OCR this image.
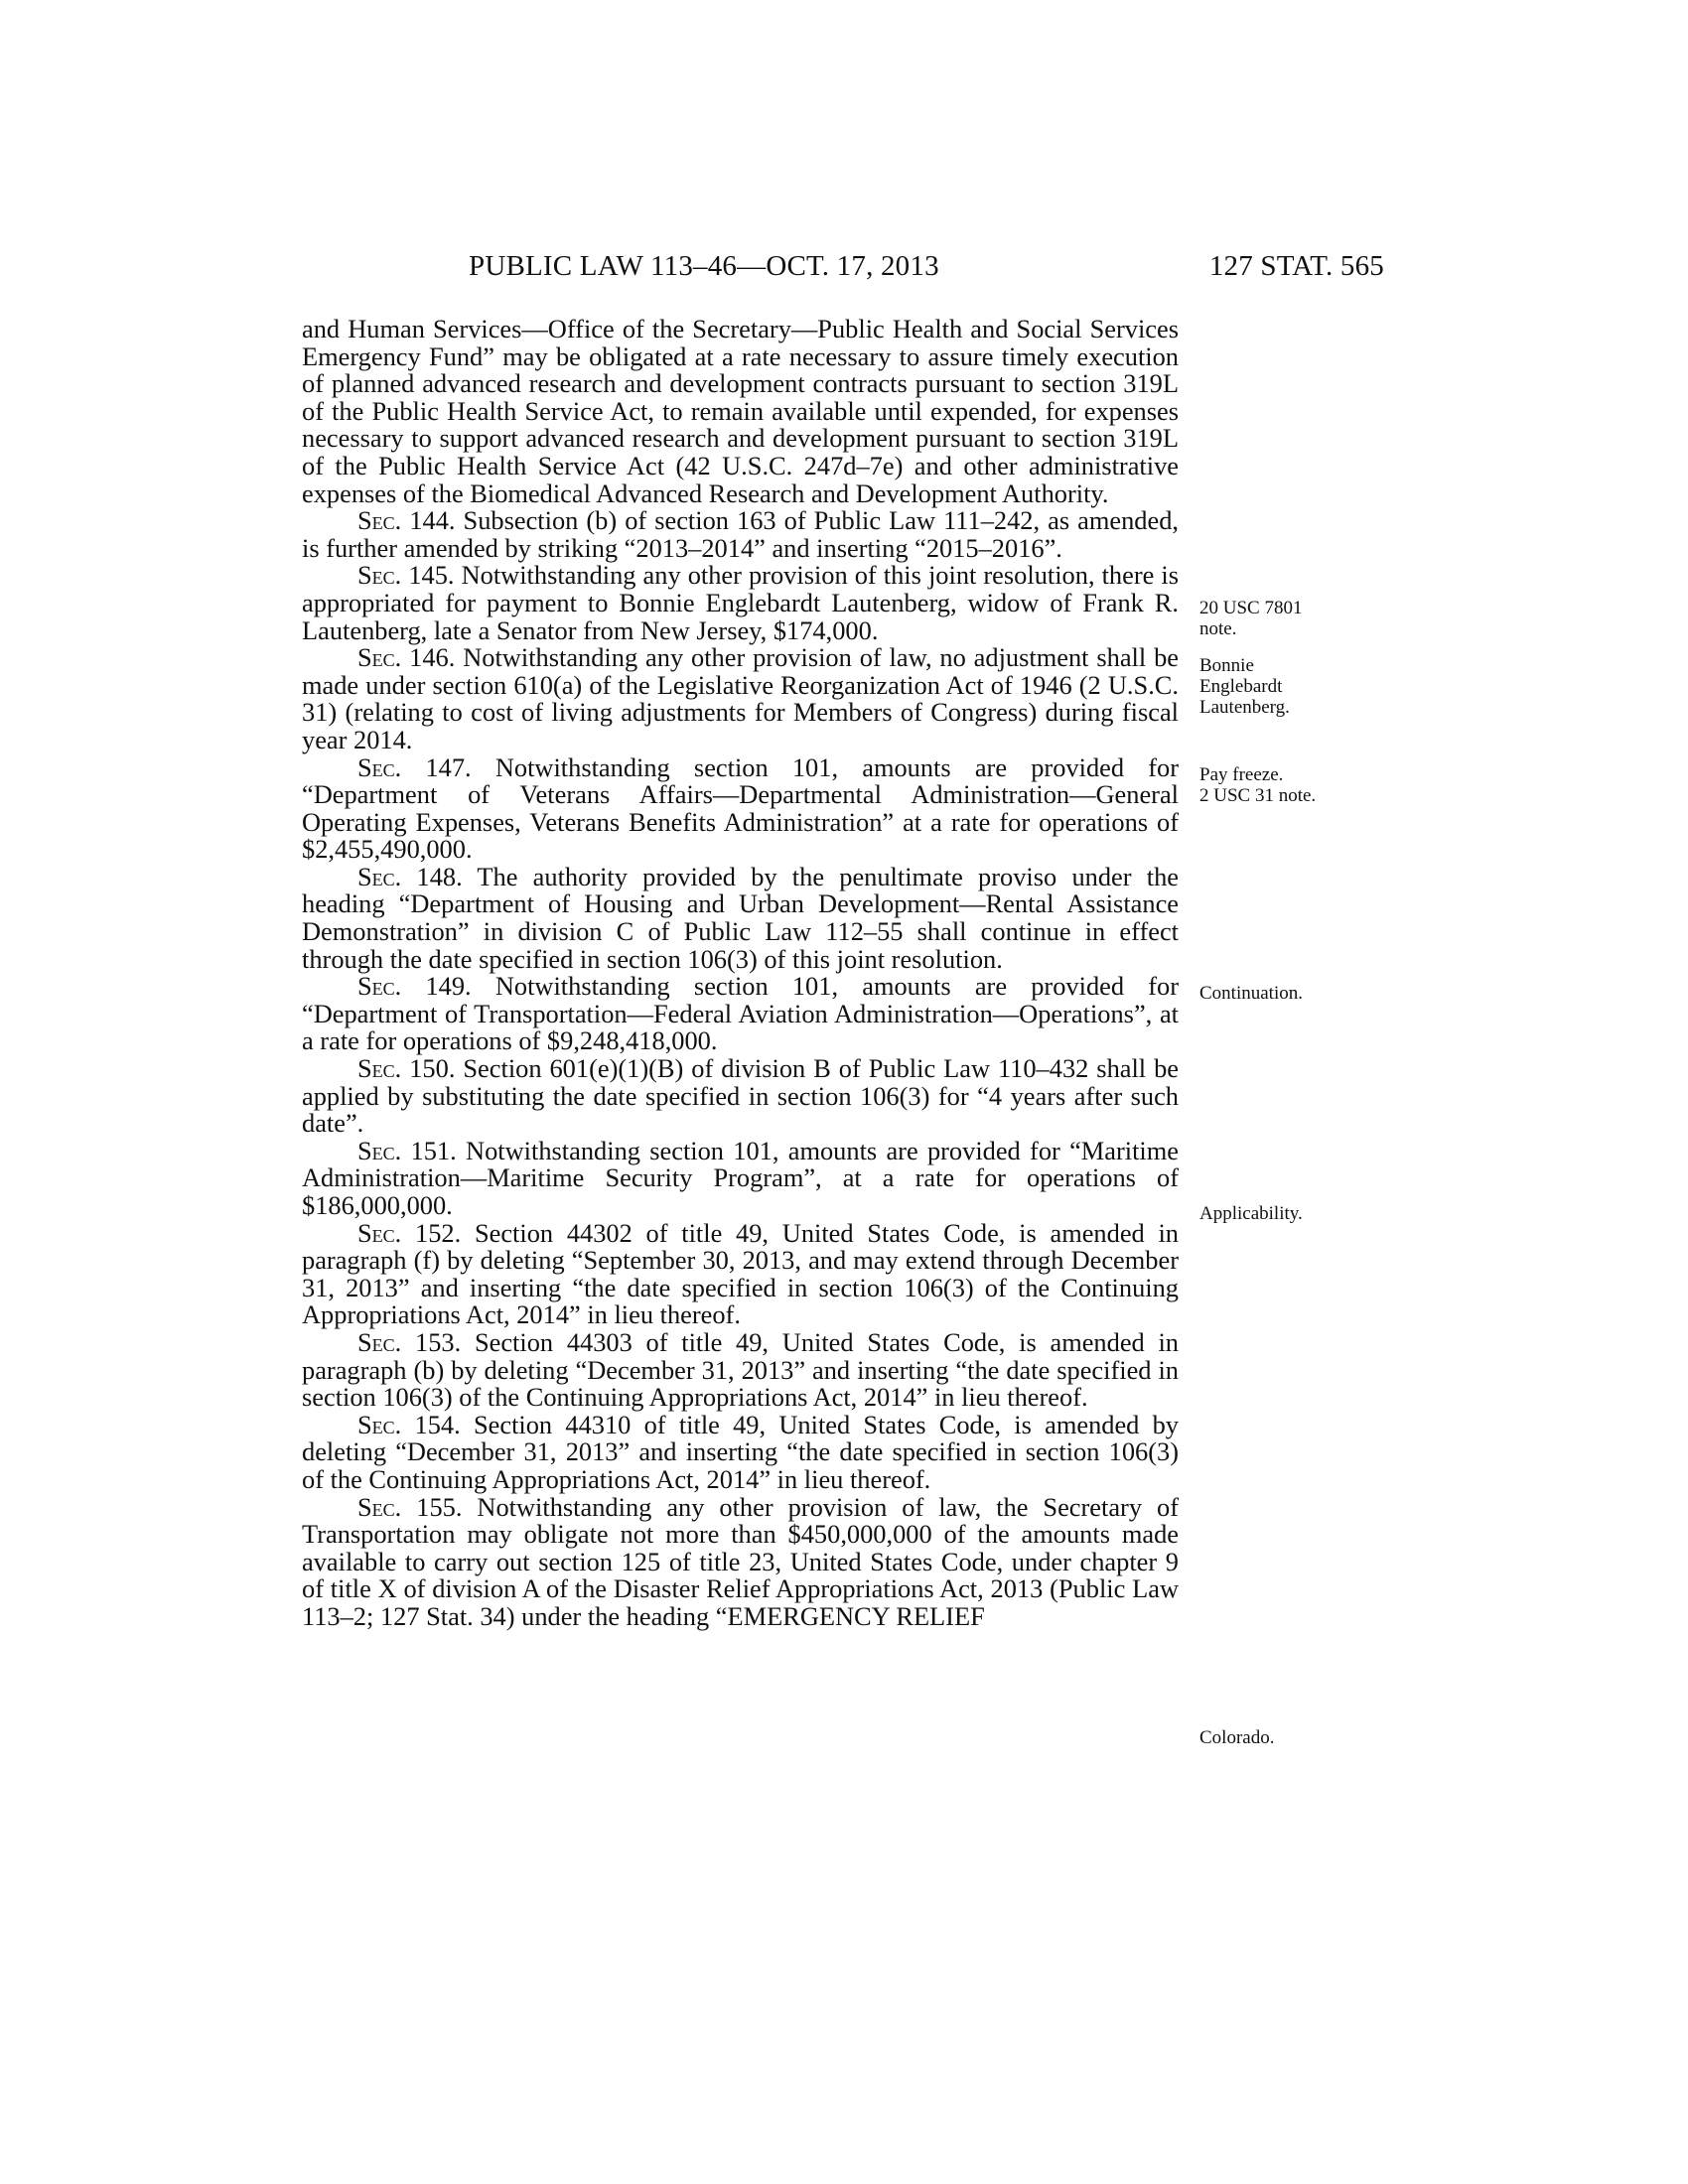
PUBLIC LAW 113–46—OCT. 17, 2013	127 STAT. 565

and Human Services—Office of the Secretary—Public Health and Social Services Emergency Fund” may be obligated at a rate necessary to assure timely execution of planned advanced research and development contracts pursuant to section 319L of the Public Health Service Act, to remain available until expended, for expenses necessary to support advanced research and development pursuant to section 319L of the Public Health Service Act (42 U.S.C. 247d–7e) and other administrative expenses of the Biomedical Advanced Research and Development Authority.

Sec. 144. Subsection (b) of section 163 of Public Law 111–242, as amended, is further amended by striking “2013–2014” and inserting “2015–2016”.

Sec. 145. Notwithstanding any other provision of this joint resolution, there is appropriated for payment to Bonnie Englebardt Lautenberg, widow of Frank R. Lautenberg, late a Senator from New Jersey, $174,000.

Sec. 146. Notwithstanding any other provision of law, no adjustment shall be made under section 610(a) of the Legislative Reorganization Act of 1946 (2 U.S.C. 31) (relating to cost of living adjustments for Members of Congress) during fiscal year 2014.

Sec. 147. Notwithstanding section 101, amounts are provided for “Department of Veterans Affairs—Departmental Administration—General Operating Expenses, Veterans Benefits Administration” at a rate for operations of $2,455,490,000.

Sec. 148. The authority provided by the penultimate proviso under the heading “Department of Housing and Urban Development—Rental Assistance Demonstration” in division C of Public Law 112–55 shall continue in effect through the date specified in section 106(3) of this joint resolution.

Sec. 149. Notwithstanding section 101, amounts are provided for “Department of Transportation—Federal Aviation Administration—Operations”, at a rate for operations of $9,248,418,000.

Sec. 150. Section 601(e)(1)(B) of division B of Public Law 110–432 shall be applied by substituting the date specified in section 106(3) for “4 years after such date”.

Sec. 151. Notwithstanding section 101, amounts are provided for “Maritime Administration—Maritime Security Program”, at a rate for operations of $186,000,000.

Sec. 152. Section 44302 of title 49, United States Code, is amended in paragraph (f) by deleting “September 30, 2013, and may extend through December 31, 2013” and inserting “the date specified in section 106(3) of the Continuing Appropriations Act, 2014” in lieu thereof.

Sec. 153. Section 44303 of title 49, United States Code, is amended in paragraph (b) by deleting “December 31, 2013” and inserting “the date specified in section 106(3) of the Continuing Appropriations Act, 2014” in lieu thereof.

Sec. 154. Section 44310 of title 49, United States Code, is amended by deleting “December 31, 2013” and inserting “the date specified in section 106(3) of the Continuing Appropriations Act, 2014” in lieu thereof.

Sec. 155. Notwithstanding any other provision of law, the Secretary of Transportation may obligate not more than $450,000,000 of the amounts made available to carry out section 125 of title 23, United States Code, under chapter 9 of title X of division A of the Disaster Relief Appropriations Act, 2013 (Public Law 113–2; 127 Stat. 34) under the heading “EMERGENCY RELIEF

20 USC 7801
note.
Bonnie
Englebardt
Lautenberg.
Pay freeze.
2 USC 31 note.
Continuation.
Applicability.
Colorado.
